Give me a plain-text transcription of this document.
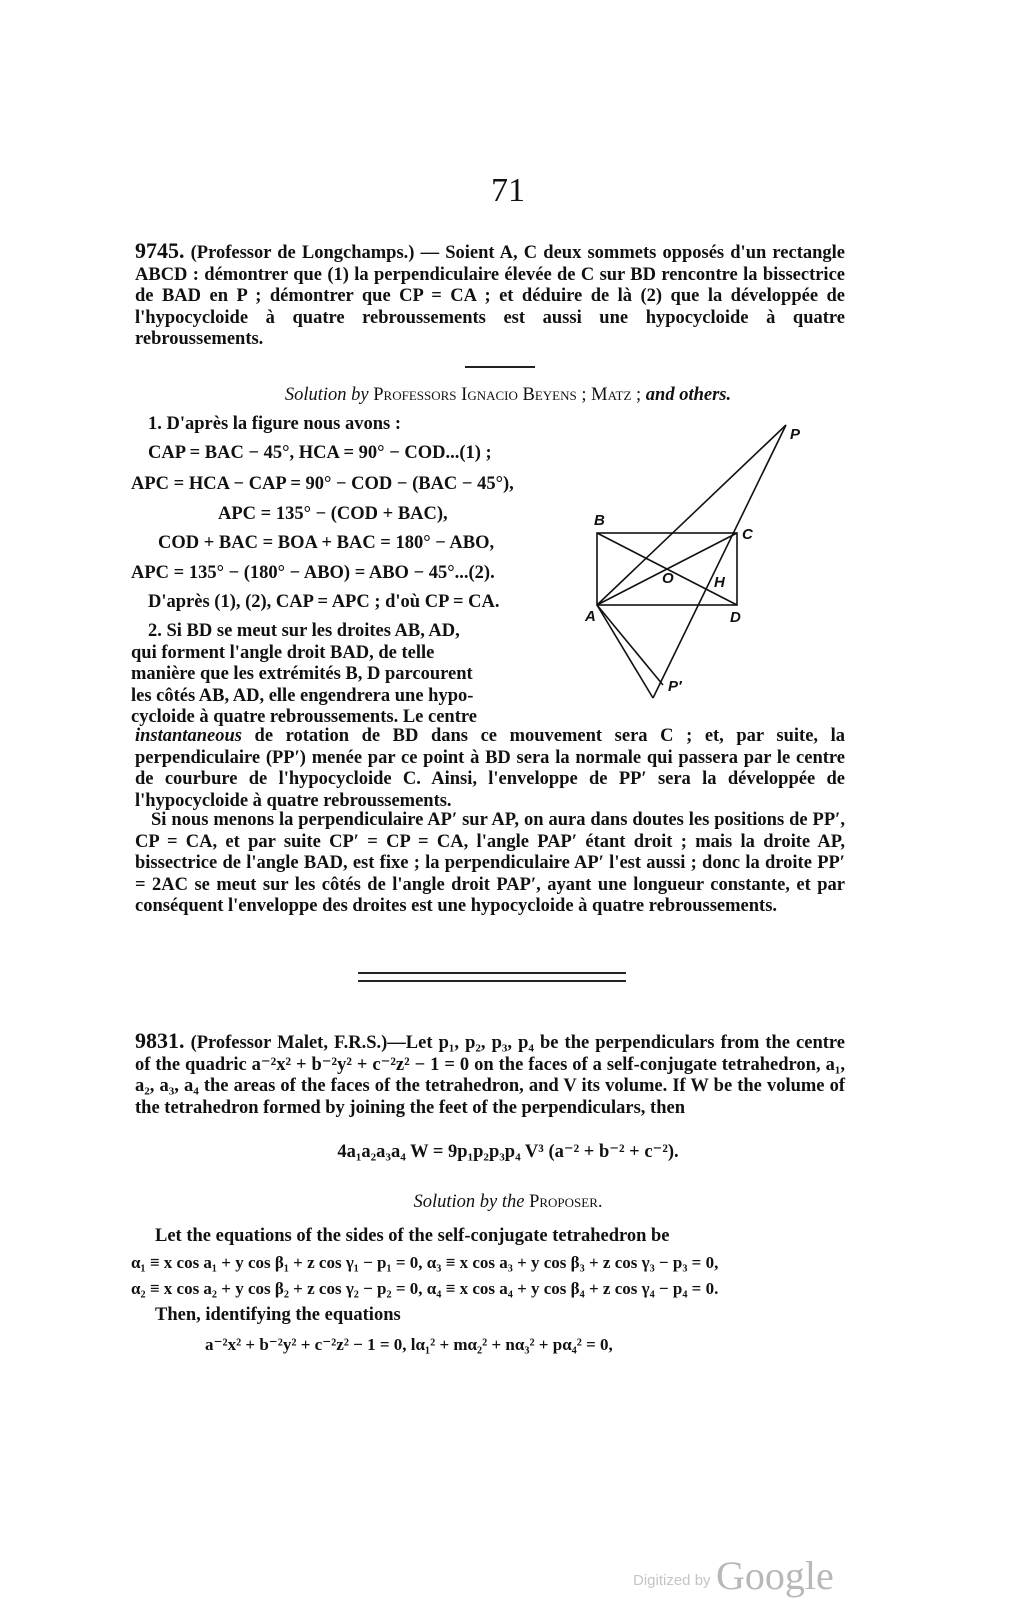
71
9745. (Professor de Longchamps.) — Soient A, C deux sommets opposés d'un rectangle ABCD : démontrer que (1) la perpendiculaire élevée de C sur BD rencontre la bissectrice de BAD en P ; démontrer que CP = CA ; et déduire de là (2) que la développée de l'hypocycloide à quatre rebroussements est aussi une hypocycloide à quatre rebroussements.
Solution by Professors Ignacio Beyens ; Matz ; and others.
1. D'après la figure nous avons :
CAP = BAC − 45°, HCA = 90° − COD...(1) ;
APC = HCA − CAP = 90° − COD − (BAC − 45°),
APC = 135° − (COD + BAC),
COD + BAC = BOA + BAC = 180° − ABO,
APC = 135° − (180° − ABO) = ABO − 45°...(2).
D'après (1), (2), CAP = APC ; d'où CP = CA.
2. Si BD se meut sur les droites AB, AD,
qui forment l'angle droit BAD, de telle
manière que les extrémités B, D parcourent
les côtés AB, AD, elle engendrera une hypo-
cycloide à quatre rebroussements. Le centre
P
B
C
O	H
A	D
P′
instantaneous de rotation de BD dans ce mouvement sera C ; et, par suite, la perpendiculaire (PP′) menée par ce point à BD sera la normale qui passera par le centre de courbure de l'hypocycloide C. Ainsi, l'enveloppe de PP′ sera la développée de l'hypocycloide à quatre rebroussements.
Si nous menons la perpendiculaire AP′ sur AP, on aura dans doutes les positions de PP′, CP = CA, et par suite CP′ = CP = CA, l'angle PAP′ étant droit ; mais la droite AP, bissectrice de l'angle BAD, est fixe ; la perpendiculaire AP′ l'est aussi ; donc la droite PP′ = 2AC se meut sur les côtés de l'angle droit PAP′, ayant une longueur constante, et par conséquent l'enveloppe des droites est une hypocycloide à quatre rebroussements.
9831. (Professor Malet, F.R.S.)—Let p₁, p₂, p₃, p₄ be the perpendiculars from the centre of the quadric a⁻²x² + b⁻²y² + c⁻²z² − 1 = 0 on the faces of a self-conjugate tetrahedron, a₁, a₂, a₃, a₄ the areas of the faces of the tetrahedron, and V its volume. If W be the volume of the tetrahedron formed by joining the feet of the perpendiculars, then
4a₁a₂a₃a₄ W = 9p₁p₂p₃p₄ V³ (a⁻² + b⁻² + c⁻²).
Solution by the Proposer.
Let the equations of the sides of the self-conjugate tetrahedron be
α₁ ≡ x cos a₁ + y cos β₁ + z cos γ₁ − p₁ = 0, α₃ ≡ x cos a₃ + y cos β₃ + z cos γ₃ − p₃ = 0,
α₂ ≡ x cos a₂ + y cos β₂ + z cos γ₂ − p₂ = 0, α₄ ≡ x cos a₄ + y cos β₄ + z cos γ₄ − p₄ = 0.
Then, identifying the equations
a⁻²x² + b⁻²y² + c⁻²z² − 1 = 0, lα₁² + mα₂² + nα₃² + pα₄² = 0,
Digitized by Google
